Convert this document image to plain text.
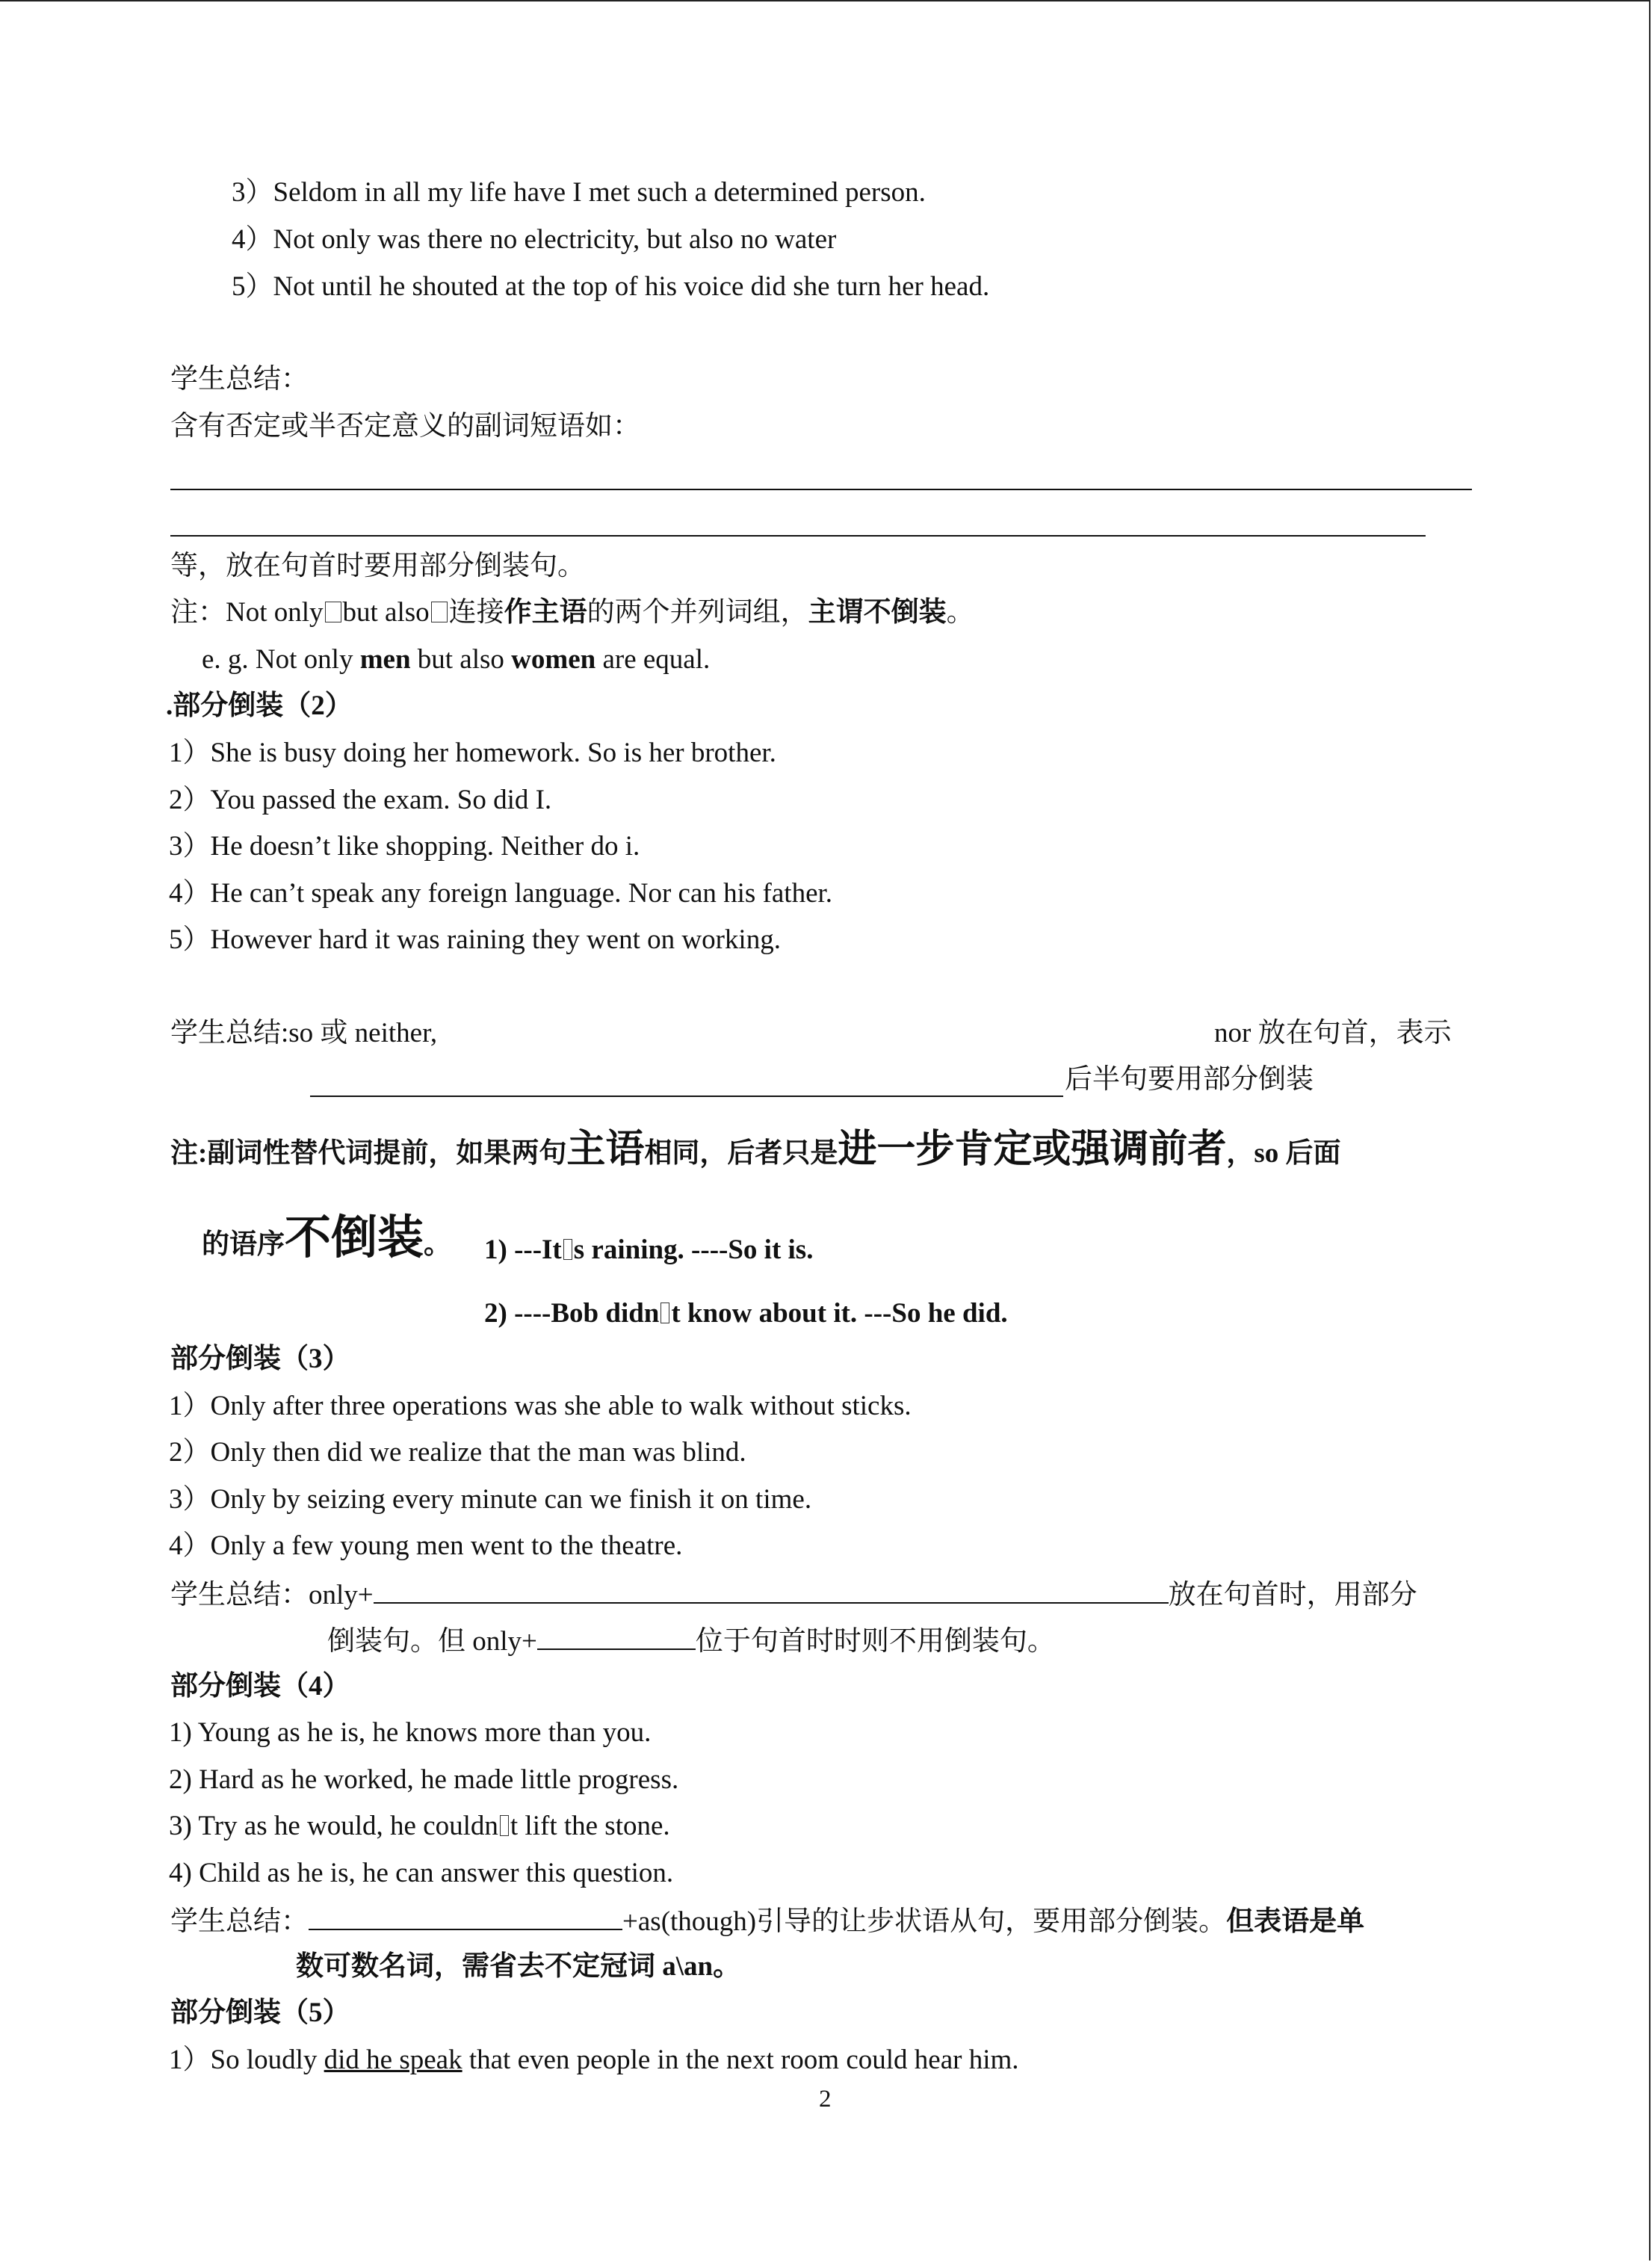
3）Seldom in all my life have I met such a determined person.
4）Not only was there no electricity, but also no water
5）Not until he shouted at the top of his voice did she turn her head.
学生总结：
含有否定或半否定意义的副词短语如：
等，放在句首时要用部分倒装句。
注：Not only but also 连接作主语的两个并列词组，主谓不倒装。
e. g. Not only men but also women are equal.
.部分倒装（2）
1）She is busy doing her homework. So is her brother.
2）You passed the exam. So did I.
3）He doesn’t like shopping. Neither do i.
4）He can’t speak any foreign language. Nor can his father.
5）However hard it was raining they went on working.
学生总结:so 或 neither,	nor 放在句首，表示
后半句要用部分倒装
注:副词性替代词提前，如果两句主语相同，后者只是进一步肯定或强调前者，so 后面
的语序不倒装。 1) ---It s raining. ----So it is.
2) ----Bob didn t know about it. ---So he did.
部分倒装（3）
1）Only after three operations was she able to walk without sticks.
2）Only then did we realize that the man was blind.
3）Only by seizing every minute can we finish it on time.
4）Only a few young men went to the theatre.
学生总结：only+	放在句首时，用部分
倒装句。但 only+	位于句首时时则不用倒装句。
部分倒装（4）
1) Young as he is, he knows more than you.
2) Hard as he worked, he made little progress.
3) Try as he would, he couldn t lift the stone.
4) Child as he is, he can answer this question.
学生总结：	+as(though)引导的让步状语从句，要用部分倒装。但表语是单
数可数名词，需省去不定冠词 a\an。
部分倒装（5）
1）So loudly did he speak that even people in the next room could hear him.
2
